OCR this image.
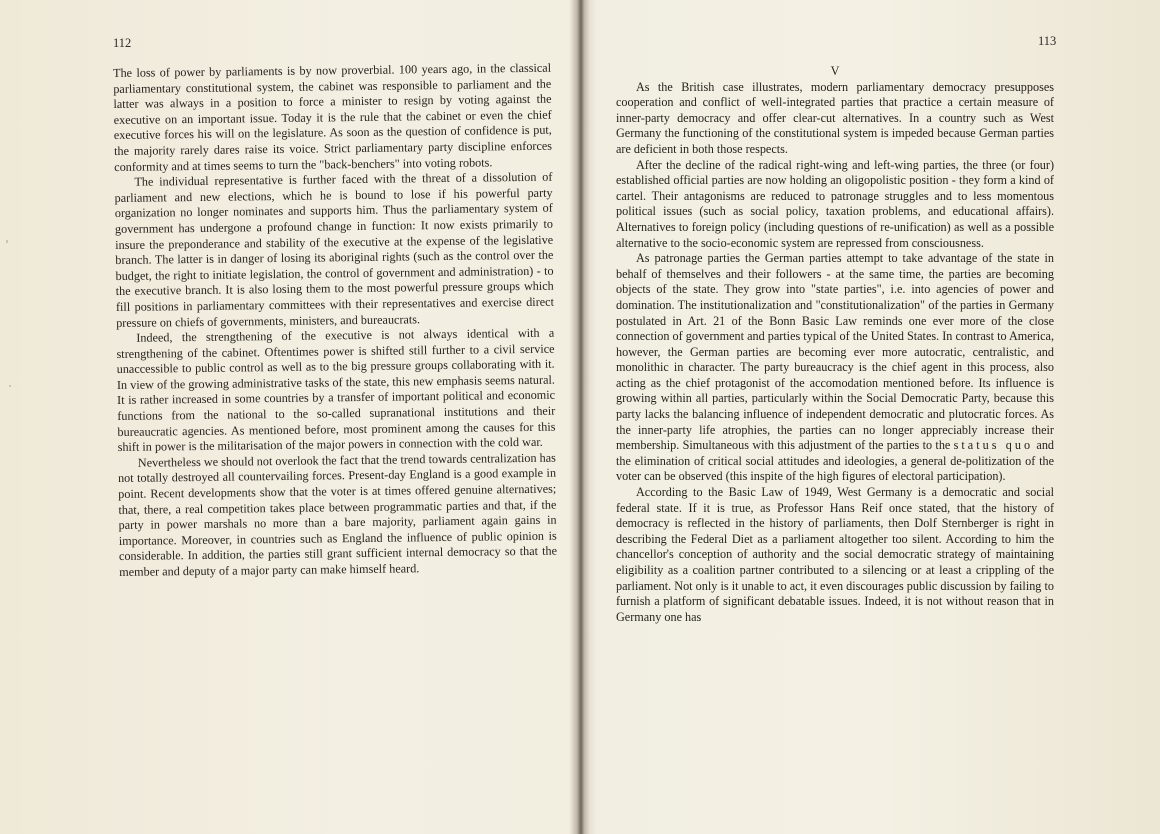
112

The loss of power by parliaments is by now proverbial. 100 years ago, in the classical parliamentary constitutional system, the cabinet was responsible to parliament and the latter was always in a position to force a minister to resign by voting against the executive on an important issue. Today it is the rule that the cabinet or even the chief executive forces his will on the legislature. As soon as the question of confidence is put, the majority rarely dares raise its voice. Strict parliamentary party discipline enforces conformity and at times seems to turn the "back-benchers" into voting robots.

The individual representative is further faced with the threat of a dissolution of parliament and new elections, which he is bound to lose if his powerful party organization no longer nominates and supports him. Thus the parliamentary system of government has undergone a profound change in function: It now exists primarily to insure the preponderance and stability of the executive at the expense of the legislative branch. The latter is in danger of losing its aboriginal rights (such as the control over the budget, the right to initiate legislation, the control of government and administration) - to the executive branch. It is also losing them to the most powerful pressure groups which fill positions in parliamentary committees with their representatives and exercise direct pressure on chiefs of governments, ministers, and bureaucrats.

Indeed, the strengthening of the executive is not always identical with a strengthening of the cabinet. Oftentimes power is shifted still further to a civil service unaccessible to public control as well as to the big pressure groups collaborating with it. In view of the growing administrative tasks of the state, this new emphasis seems natural. It is rather increased in some countries by a transfer of important political and economic functions from the national to the so-called supranational institutions and their bureaucratic agencies. As mentioned before, most prominent among the causes for this shift in power is the militarisation of the major powers in connection with the cold war.

Nevertheless we should not overlook the fact that the trend towards centralization has not totally destroyed all countervailing forces. Present-day England is a good example in point. Recent developments show that the voter is at times offered genuine alternatives; that, there, a real competition takes place between programmatic parties and that, if the party in power marshals no more than a bare majority, parliament again gains in importance. Moreover, in countries such as England the influence of public opinion is considerable. In addition, the parties still grant sufficient internal democracy so that the member and deputy of a major party can make himself heard.

113
V

As the British case illustrates, modern parliamentary democracy presupposes cooperation and conflict of well-integrated parties that practice a certain measure of inner-party democracy and offer clear-cut alternatives. In a country such as West Germany the functioning of the constitutional system is impeded because German parties are deficient in both those respects.

After the decline of the radical right-wing and left-wing parties, the three (or four) established official parties are now holding an oligopolistic position - they form a kind of cartel. Their antagonisms are reduced to patronage struggles and to less momentous political issues (such as social policy, taxation problems, and educational affairs). Alternatives to foreign policy (including questions of re-unification) as well as a possible alternative to the socio-economic system are repressed from consciousness.

As patronage parties the German parties attempt to take advantage of the state in behalf of themselves and their followers - at the same time, the parties are becoming objects of the state. They grow into "state parties", i.e. into agencies of power and domination. The institutionalization and "constitutionalization" of the parties in Germany postulated in Art. 21 of the Bonn Basic Law reminds one ever more of the close connection of government and parties typical of the United States. In contrast to America, however, the German parties are becoming ever more autocratic, centralistic, and monolithic in character. The party bureaucracy is the chief agent in this process, also acting as the chief protagonist of the accomodation mentioned before. Its influence is growing within all parties, particularly within the Social Democratic Party, because this party lacks the balancing influence of independent democratic and plutocratic forces. As the inner-party life atrophies, the parties can no longer appreciably increase their membership. Simultaneous with this adjustment of the parties to the status quo and the elimination of critical social attitudes and ideologies, a general de-politization of the voter can be observed (this inspite of the high figures of electoral participation).

According to the Basic Law of 1949, West Germany is a democratic and social federal state. If it is true, as Professor Hans Reif once stated, that the history of democracy is reflected in the history of parliaments, then Dolf Sternberger is right in describing the Federal Diet as a parliament altogether too silent. According to him the chancellor's conception of authority and the social democratic strategy of maintaining eligibility as a coalition partner contributed to a silencing or at least a crippling of the parliament. Not only is it unable to act, it even discourages public discussion by failing to furnish a platform of significant debatable issues. Indeed, it is not without reason that in Germany one has
